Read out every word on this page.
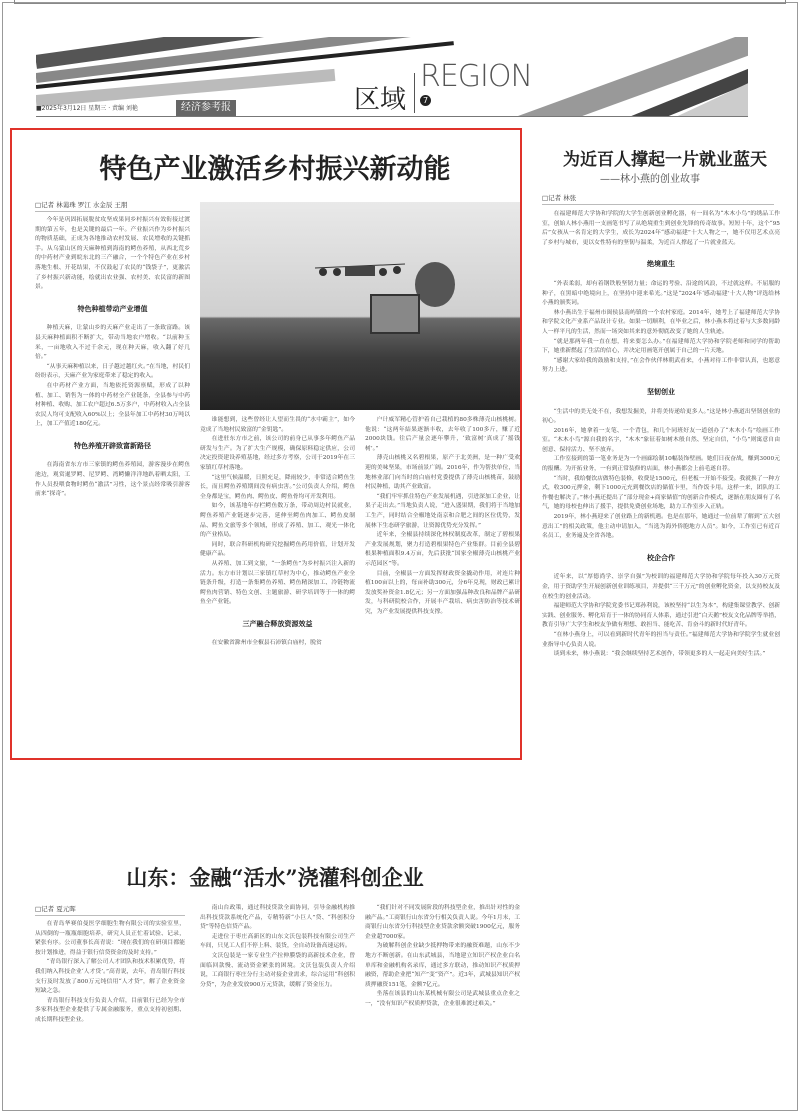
区域
REGION
7
■2025年3月12日 星期三 · 责编 刘艳	经济参考报
特色产业激活乡村振兴新动能
□记者 林蔼珠 罗江 水金辰 王朋

今年是巩固拓展脱贫攻坚成果同乡村振兴有效衔接过渡期的第五年，也是关键的最后一年。产业振兴作为乡村振兴的物质基础，正成为各地推动农村发展、农民增收的关键抓手。从乌蒙山区的天麻种植到海南的鳄鱼养殖，从西北荒乡的中药材产业到皖东北的三产融合，一个个特色产业在乡村落地生根、开花结果，不仅鼓起了农民的“钱袋子”，更激活了乡村振兴新动能，绘就出农业强、农村美、农民富的新图景。

特色种植带动产业增值

种植天麻，让蒙山乡的天麻产业走出了一条致富路。该县天麻种植面积不断扩大，带动当地农户增收。“以前种玉米，一亩地收入不过千余元，现在种天麻，收入翻了好几倍。”

“从事天麻种植以来，日子越过越红火。”在当地，村民们纷纷表示，天麻产业为家庭带来了稳定的收入。

在中药材产业方面，当地依托资源禀赋，形成了以种植、加工、销售为一体的中药材全产业链条，全县参与中药材种植、收购、加工农户超过6.5万多户，中药材收入占全县农民人均可支配收入60%以上；全县年加工中药材30万吨以上，加工产值近180亿元。

特色养殖开辟致富新路径

在海南省东方市三家镇的鳄鱼养殖园，游客漫步在鳄鱼池边，观赏暹罗鳄、尼罗鳄、湾鳄懒洋洋地趴着晒太阳，工作人员投喂食物时鳄鱼“激活”习性，这个景点经常吸引游客前来“探奇”。

谁能想到，这些曾经让人望而生畏的“水中霸主”，如今竟成了当地村民致富的“金钥匙”。

在进驻东方市之前，该公司的前身已从事多年鳄鱼产品研发与生产。为了扩大生产规模，确保原料稳定供应，公司决定投资建设养殖基地，经过多方考察，公司于2019年在三家镇红草村落地。

“这里气候温暖，日照充足，降雨较少，非常适合鳄鱼生长，而且鳄鱼养殖期间没有病虫害。”公司负责人介绍，鳄鱼全身都是宝，鳄鱼肉、鳄鱼皮、鳄鱼骨均可开发利用。

如今，该基地年存栏鳄鱼数万条，带动周边村民就业，鳄鱼养殖产业链逐步完善，延伸至鳄鱼肉加工、鳄鱼皮制品、鳄鱼文旅等多个领域，形成了养殖、加工、观光一体化的产业格局。

同时，联合科研机构研究挖掘鳄鱼药用价值，计划开发健康产品。

从养殖、加工到文旅，“一条鳄鱼”为乡村振兴注入新的活力。东方市计划以三家镇红草村为中心，推动鳄鱼产业全链条升级，打造一条集鳄鱼养殖、鳄鱼精深加工、冷链物流鳄鱼肉营销、特色文创、主题旅游、研学培训等于一体的鳄鱼全产业链。

三产融合释放资源效益

在安徽省滁州市全椒县石沛镇白庙村，脱贫

户计威军精心管护着自己栽植的80多株薄壳山核桃树。他说：“这两年結果逐渐丰收，去年收了100多斤，赚了近2000块钱。往后产量会逐年攀升，‘致富树’真成了‘摇钱树’。”

薄壳山核桃又名碧根果，原产于北美洲，是一种广受欢迎的美味坚果，市场前景广阔。2016年，作为帮扶单位，当地林业部门向当时的白庙村党委提供了薄壳山核桃苗，鼓励村民种植，助其产业致富。

“我们牢牢抓住特色产业发展机遇，引进深加工企业，让果子走出去。”当地负责人说，“进入盛果期，我们将于当地加工生产，同时结合全椒地处南京和合肥之间的区位优势，发展林下生态研学旅游，让资源优势充分发挥。”

近年来，全椒县持续深化林权制度改革，制定了碧根果产业发展规划，聚力打造碧根果特色产业集群。目前全县碧根果种植面积9.4万亩，先后获批“国家全椒薄壳山核桃产业示范园区”等。

目前，全椒县一方面发挥财政资金撬动作用，对连片种植100亩以上的，每亩补助300元，分6年兑现，财政已累计发放奖补资金1.8亿元；另一方面加强品种改良和品牌产品研发，与科研院校合作，开展丰产栽培、病虫害防治等技术研究，为产业发展提供科技支撑。

为近百人撑起一片就业蓝天
——林小燕的创业故事
□记者 林张

在福建师范大学协和学院的大学生创新创业孵化器，有一间名为“木木小鸟”的绣品工作室，创始人林小燕用一支画笔书写了从绝境重生到创业先锋的传奇故事。短短十年，这个“95后”女孩从一名肯定的大学生，成长为2024年“感动福建”十大人物之一，她不仅用艺术点亮了乡村与城市，更以女性特有的坚韧与温柔，为近百人撑起了一片就业蓝天。

绝境重生

“外表柔弱，却有着钢铁般坚韧力量；命运的考验、沿途的风浪，不过就这样。不屈服的种子，在黑暗中绝境向上，在坚持中迎来希光。”这是“2024年‘感动福建’十大人物”评选给林小燕的颁奖词。

林小燕出生于福州市闽侯县南屿镇的一个农村家庭。2014年，她考上了福建师范大学协和学院文化产业系产品设计专业。如果一切顺利，在毕业之后，林小燕本将过着与大多数同龄人一样平凡的生活，然而一场突如其来的意外彻底改变了她的人生轨迹。

“就是那两年我一直在想，将来要怎么办。”在福建师范大学协和学院老师和同学的帮助下，她重新燃起了生活的信心，并决定用画笔开创属于自己的一片天地。

“感谢大家给我的鼓励和支持，”在会作伙伴林朝武看来，小燕对待工作非常认真，也愿意努力上进。

坚韧创业

“生活中的美无处不在，我想发掘美，并将美传递给更多人。”这是林小燕道出坚韧创业的初心。

2016年，她拿着一支笔、一个背包，和几个同班好友一道创办了“木木小鸟”绘画工作室。“木木小鸟”源自我的名字，“木木”象征着如树木般自然、坚定自信，“小鸟”则寓意自由创意、保持活力、坚不放弃。

工作室接到的第一笔业务是为一个画廊绘制10幅装饰壁画。她们日夜奋战，赚到3000元的报酬。为开拓业务，一有到正常装修的店面，林小燕都会上前毛遂自荐。

“当时，我给餐饮店做特色装修，收费是1500元，但老板一开始不接受。我就换了一种方式，收300元押金，剩下1000元充到餐饮店的储值卡里，当作饭卡用。这样一来，团队的工作餐也解决了。”林小燕还提出了“部分现金+商家储值”的创新合作模式，逐渐在朋友圈有了名气，她的母校也伸出了援手，提供免费创业场地，助力工作室步入正轨。

2019年，林小燕迎来了创业路上的新机遇。也是在那年，她通过一位前辈了解到“五大创意出工”的相关政策，他主动申请加入，“当选为海外侨胞地方人员”。如今，工作室已有近百名员工，业务遍及全省各地。

校企合作

近年来，以“厚德尚学、崇学自强”为校训的福建师范大学协和学院每年投入30万元资金，用于资助学生开展创新创业训练项目，并提供“三千万元”的创业孵化资金，以支持校友及在校生的创业活动。

福建师范大学协和学院党委书记郑孙利说，该校坚持“以生为本”，构建集课堂教学、创新实践、创业服务、孵化培育于一体的协同育人体系，通过引进“白天鹅”校友文化品牌等举措，教育引导广大学生和校友争做有理想、敢担当、能吃苦、肯奋斗的新时代好青年。

“在林小燕身上，可以看到新时代青年的担当与责任。”福建师范大学协和学院学生就业创业指导中心负责人说。

谈到未来，林小燕说：“我会继续坚持艺术创作，带领更多的人一起走向美好生活。”

山东：金融“活水”浇灌科创企业
□记者 夏元晖

在青岛华赛伯曼医学细胞生物有限公司的实验室里，从四倒的一瓶瓶细胞培养，研究人员正忙着试验、记录，紧张有序。公司董事长高青说：“现在我们的在研项目都能按计划推进，得益于银行信贷资金的及时支持。”

“青岛银行深入了解公司人才团队和技术积累优势，将我们纳入科技企业‘人才贷’。”高青说，去年，青岛银行科技支行及时发放了800万元纯信用“人才贷”，解了企业资金短缺之急。

青岛银行科技支行负责人介绍，目前银行已经为全市多家科技型企业提供了专属金融服务，重点支持初创期、成长期科技型企业。

南山台政策，通过科技贷款全面协同，引导金融机构推出科技贷款系统化产品，专精特新“小巨人”贷、“科创积分贷”等特色信贷产品。

走进位于枣庄高新区的山东文沃包装科技有限公司生产车间，只见工人们不停上料、装货，全自动设备高速运转。

文沃包装是一家专业生产拉伸膜袋的高新技术企业，曾面临回款慢、流动资金紧张的困境。文沃包装负责人介绍说，工商银行枣庄分行主动对接企业需求，综合运用“科创积分贷”，为企业发放900万元贷款，缓解了资金压力。

“我们针对不同发展阶段的科技型企业，推出针对性的金融产品。”工商银行山东省分行相关负责人说。今年1月末，工商银行山东省分行科技型企业贷款余额突破1900亿元，服务企业超7000家。

为破解科创企业缺少抵押物带来的融资难题，山东不少地方不断创新。在山东武城县，当地建立知识产权企业白名单库和金融机构名录库，通过多方联动，推动知识产权质押融资，帮助企业把“知产”变“资产”。近3年，武城县知识产权质押融资151笔，金额7亿元。

坐落在该县的山东某机械有限公司是武城县重点企业之一，“没有知识产权质押贷款，企业很难渡过难关。”
